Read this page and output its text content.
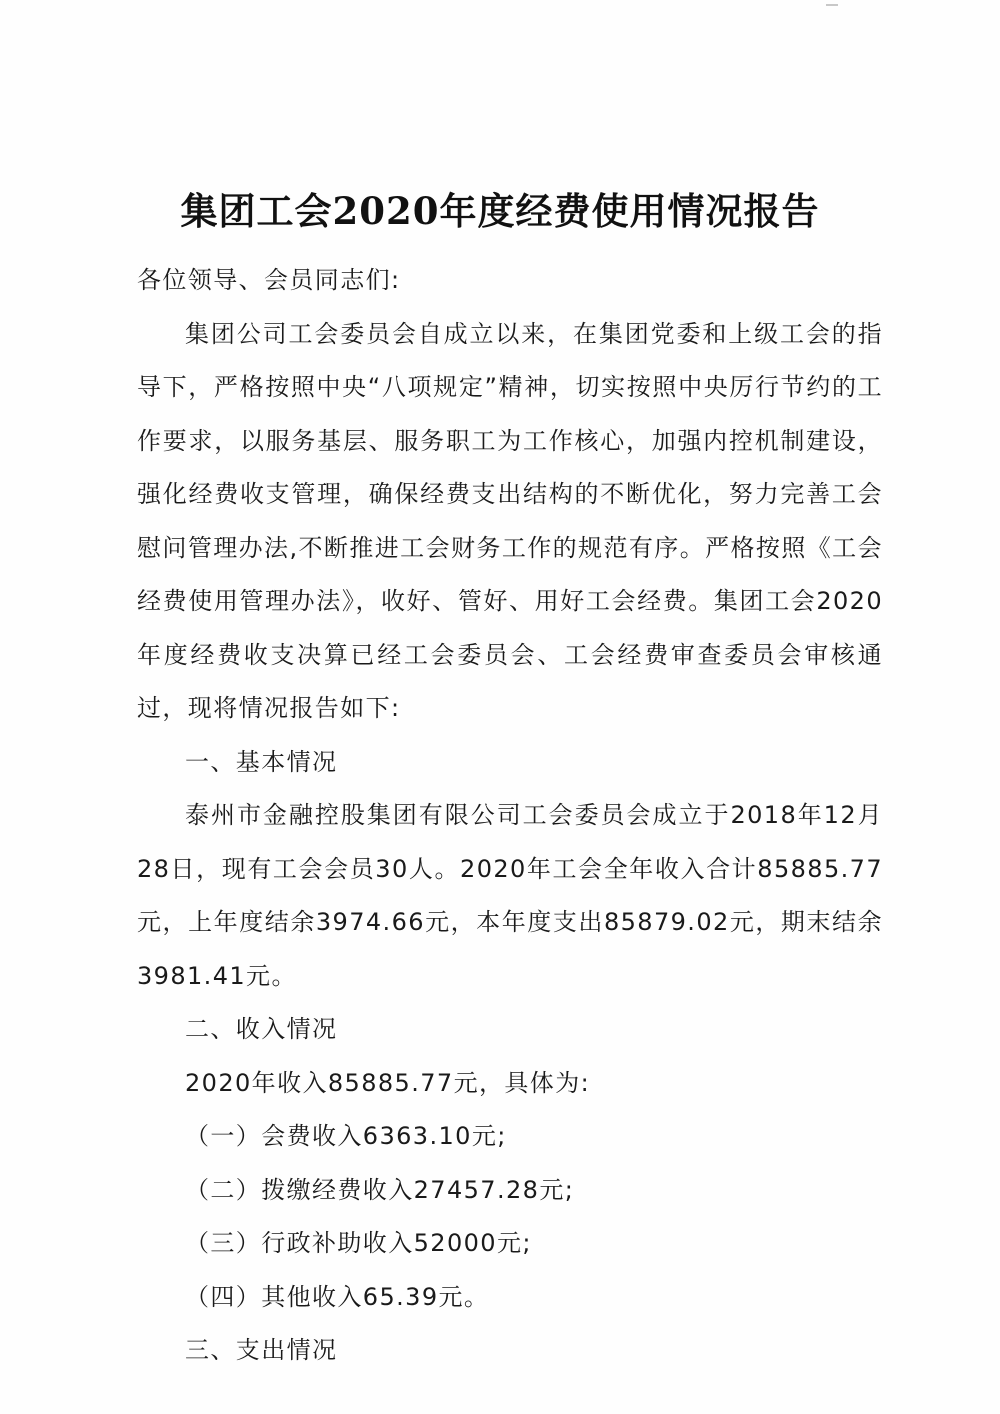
集团工会2020年度经费使用情况报告

各位领导、会员同志们:

集团公司工会委员会自成立以来，在集团党委和上级工会的指导下，严格按照中央“八项规定”精神，切实按照中央厉行节约的工作要求，以服务基层、服务职工为工作核心，加强内控机制建设，强化经费收支管理，确保经费支出结构的不断优化，努力完善工会慰问管理办法,不断推进工会财务工作的规范有序。严格按照《工会经费使用管理办法》，收好、管好、用好工会经费。集团工会2020年度经费收支决算已经工会委员会、工会经费审查委员会审核通过，现将情况报告如下:

一、基本情况

泰州市金融控股集团有限公司工会委员会成立于2018年12月28日，现有工会会员30人。2020年工会全年收入合计85885.77元，上年度结余3974.66元，本年度支出85879.02元，期末结余3981.41元。

二、收入情况

2020年收入85885.77元，具体为:

（一）会费收入6363.10元;

（二）拨缴经费收入27457.28元;

（三）行政补助收入52000元;

（四）其他收入65.39元。

三、支出情况
